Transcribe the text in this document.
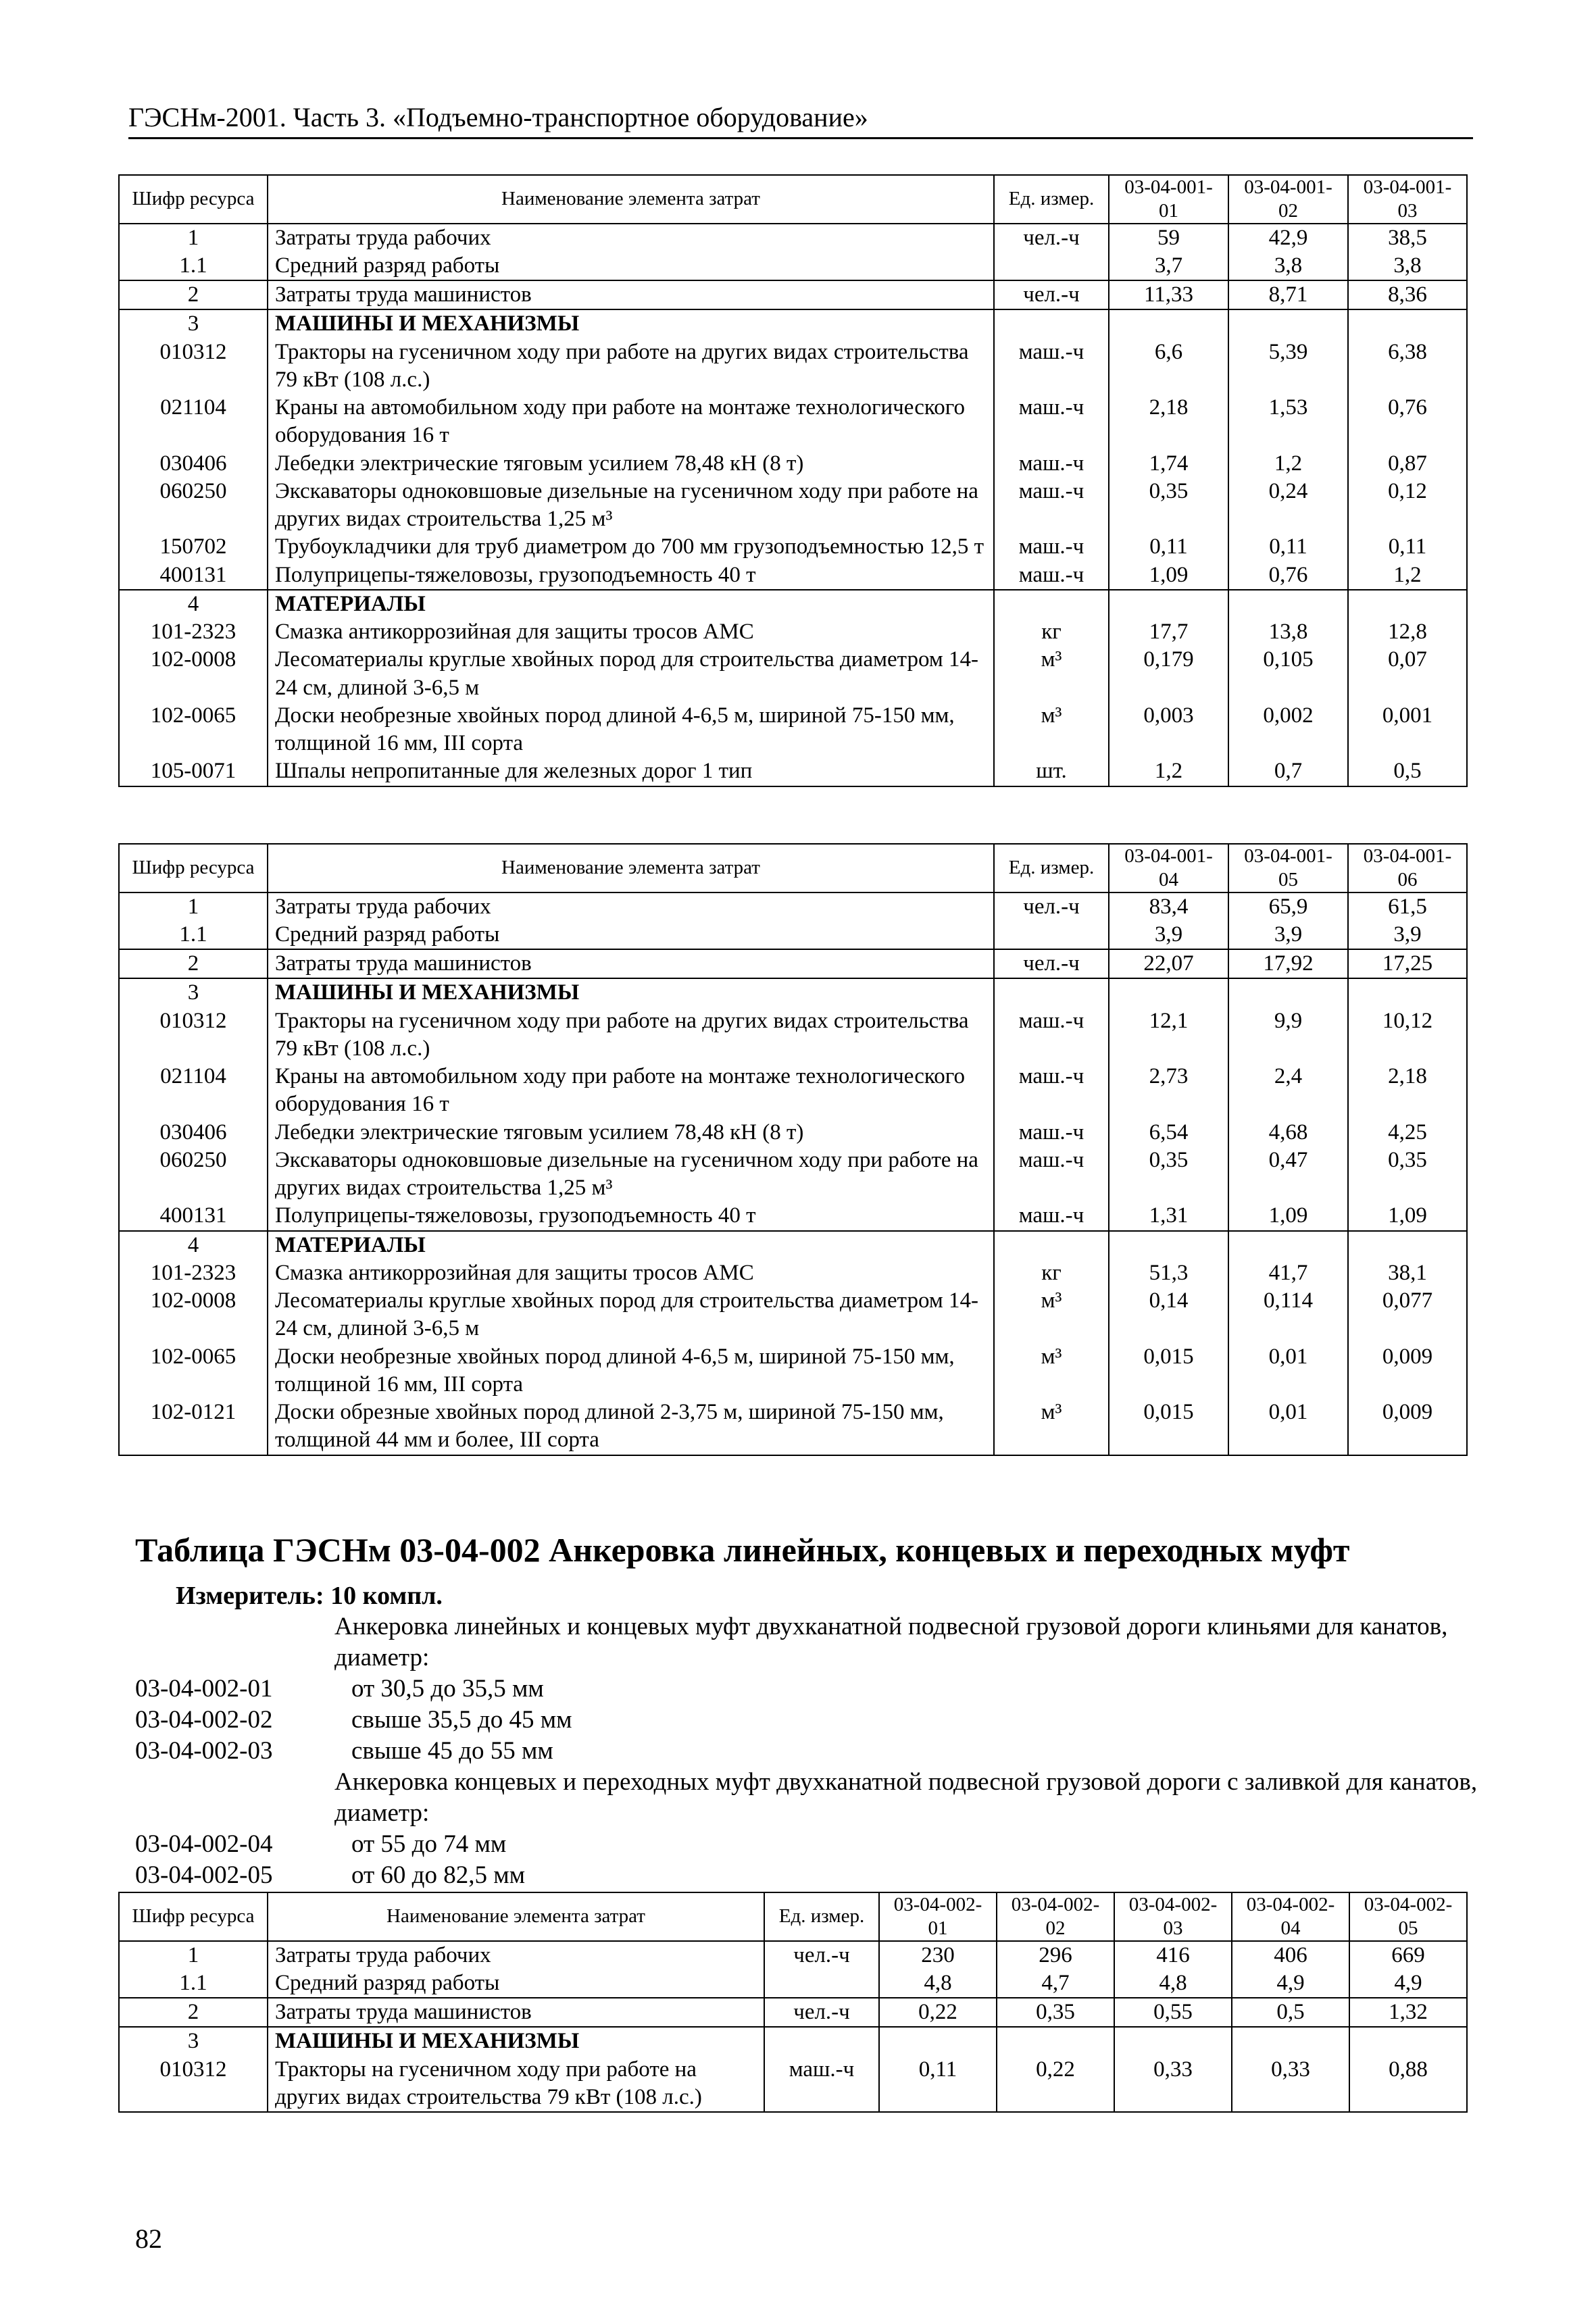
ГЭСНм-2001. Часть 3. «Подъемно-транспортное оборудование»
Шифр ресурса	Наименование элемента затрат	Ед. измер.	03-04-001-01	03-04-001-02	03-04-001-03
1	Затраты труда рабочих	чел.-ч	59	42,9	38,5
1.1	Средний разряд работы		3,7	3,8	3,8
2	Затраты труда машинистов	чел.-ч	11,33	8,71	8,36
3	МАШИНЫ И МЕХАНИЗМЫ				
010312	Тракторы на гусеничном ходу при работе на других видах строительства 79 кВт (108 л.с.)	маш.-ч	6,6	5,39	6,38
021104	Краны на автомобильном ходу при работе на монтаже технологического оборудования 16 т	маш.-ч	2,18	1,53	0,76
030406	Лебедки электрические тяговым усилием 78,48 кН (8 т)	маш.-ч	1,74	1,2	0,87
060250	Экскаваторы одноковшовые дизельные на гусеничном ходу при работе на других видах строительства 1,25 м³	маш.-ч	0,35	0,24	0,12
150702	Трубоукладчики для труб диаметром до 700 мм грузоподъемностью 12,5 т	маш.-ч	0,11	0,11	0,11
400131	Полуприцепы-тяжеловозы, грузоподъемность 40 т	маш.-ч	1,09	0,76	1,2
4	МАТЕРИАЛЫ				
101-2323	Смазка антикоррозийная для защиты тросов АМС	кг	17,7	13,8	12,8
102-0008	Лесоматериалы круглые хвойных пород для строительства диаметром 14-24 см, длиной 3-6,5 м	м³	0,179	0,105	0,07
102-0065	Доски необрезные хвойных пород длиной 4-6,5 м, шириной 75-150 мм, толщиной 16 мм, III сорта	м³	0,003	0,002	0,001
105-0071	Шпалы непропитанные для железных дорог 1 тип	шт.	1,2	0,7	0,5
Шифр ресурса	Наименование элемента затрат	Ед. измер.	03-04-001-04	03-04-001-05	03-04-001-06
1	Затраты труда рабочих	чел.-ч	83,4	65,9	61,5
1.1	Средний разряд работы		3,9	3,9	3,9
2	Затраты труда машинистов	чел.-ч	22,07	17,92	17,25
3	МАШИНЫ И МЕХАНИЗМЫ				
010312	Тракторы на гусеничном ходу при работе на других видах строительства 79 кВт (108 л.с.)	маш.-ч	12,1	9,9	10,12
021104	Краны на автомобильном ходу при работе на монтаже технологического оборудования 16 т	маш.-ч	2,73	2,4	2,18
030406	Лебедки электрические тяговым усилием 78,48 кН (8 т)	маш.-ч	6,54	4,68	4,25
060250	Экскаваторы одноковшовые дизельные на гусеничном ходу при работе на других видах строительства 1,25 м³	маш.-ч	0,35	0,47	0,35
400131	Полуприцепы-тяжеловозы, грузоподъемность 40 т	маш.-ч	1,31	1,09	1,09
4	МАТЕРИАЛЫ				
101-2323	Смазка антикоррозийная для защиты тросов АМС	кг	51,3	41,7	38,1
102-0008	Лесоматериалы круглые хвойных пород для строительства диаметром 14-24 см, длиной 3-6,5 м	м³	0,14	0,114	0,077
102-0065	Доски необрезные хвойных пород длиной 4-6,5 м, шириной 75-150 мм, толщиной 16 мм, III сорта	м³	0,015	0,01	0,009
102-0121	Доски обрезные хвойных пород длиной 2-3,75 м, шириной 75-150 мм, толщиной 44 мм и более, III сорта	м³	0,015	0,01	0,009
Таблица ГЭСНм 03-04-002 Анкеровка линейных, концевых и переходных муфт
Измеритель: 10 компл.
Анкеровка линейных и концевых муфт двухканатной подвесной грузовой дороги клиньями для канатов, диаметр:
03-04-002-01	от 30,5 до 35,5 мм
03-04-002-02	свыше 35,5 до 45 мм
03-04-002-03	свыше 45 до 55 мм
Анкеровка концевых и переходных муфт двухканатной подвесной грузовой дороги с заливкой для канатов, диаметр:
03-04-002-04	от 55 до 74 мм
03-04-002-05	от 60 до 82,5 мм
Шифр ресурса	Наименование элемента затрат	Ед. измер.	03-04-002-01	03-04-002-02	03-04-002-03	03-04-002-04	03-04-002-05
1	Затраты труда рабочих	чел.-ч	230	296	416	406	669
1.1	Средний разряд работы		4,8	4,7	4,8	4,9	4,9
2	Затраты труда машинистов	чел.-ч	0,22	0,35	0,55	0,5	1,32
3	МАШИНЫ И МЕХАНИЗМЫ						
010312	Тракторы на гусеничном ходу при работе на других видах строительства 79 кВт (108 л.с.)	маш.-ч	0,11	0,22	0,33	0,33	0,88
82
